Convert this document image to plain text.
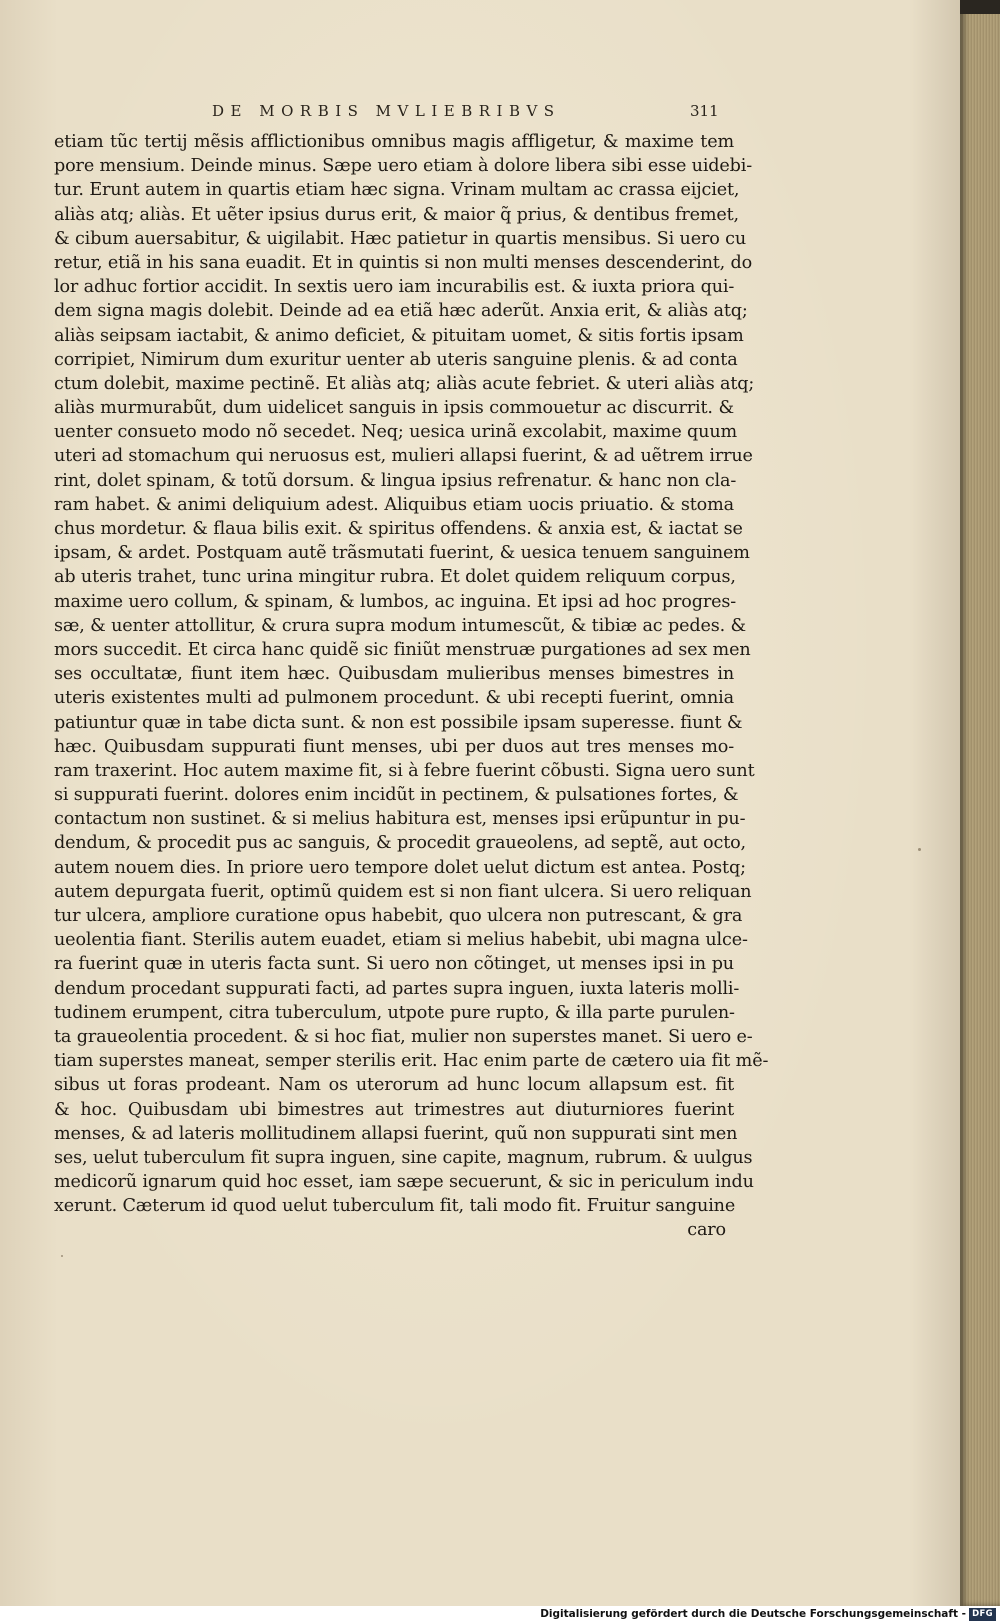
DE MORBIS MVLIEBRIBVS	311
etiam tũc tertij mẽsis afflictionibus omnibus magis affligetur, & maxime tem
pore mensium. Deinde minus. Sæpe uero etiam à dolore libera sibi esse uidebi-
tur. Erunt autem in quartis etiam hæc signa. Vrinam multam ac crassa eijciet,
aliàs atq; aliàs. Et uẽter ipsius durus erit, & maior q̃ prius, & dentibus fremet,
& cibum auersabitur, & uigilabit. Hæc patietur in quartis mensibus. Si uero cu
retur, etiã in his sana euadit. Et in quintis si non multi menses descenderint, do
lor adhuc fortior accidit. In sextis uero iam incurabilis est. & iuxta priora qui-
dem signa magis dolebit. Deinde ad ea etiã hæc aderũt. Anxia erit, & aliàs atq;
aliàs seipsam iactabit, & animo deficiet, & pituitam uomet, & sitis fortis ipsam
corripiet, Nimirum dum exuritur uenter ab uteris sanguine plenis. & ad conta
ctum dolebit, maxime pectinẽ. Et aliàs atq; aliàs acute febriet. & uteri aliàs atq;
aliàs murmurabũt, dum uidelicet sanguis in ipsis commouetur ac discurrit. &
uenter consueto modo nõ secedet. Neq; uesica urinã excolabit, maxime quum
uteri ad stomachum qui neruosus est, mulieri allapsi fuerint, & ad uẽtrem irrue
rint, dolet spinam, & totũ dorsum. & lingua ipsius refrenatur. & hanc non cla-
ram habet. & animi deliquium adest. Aliquibus etiam uocis priuatio. & stoma
chus mordetur. & flaua bilis exit. & spiritus offendens. & anxia est, & iactat se
ipsam, & ardet. Postquam autẽ trãsmutati fuerint, & uesica tenuem sanguinem
ab uteris trahet, tunc urina mingitur rubra. Et dolet quidem reliquum corpus,
maxime uero collum, & spinam, & lumbos, ac inguina. Et ipsi ad hoc progres-
sæ, & uenter attollitur, & crura supra modum intumescũt, & tibiæ ac pedes. &
mors succedit. Et circa hanc quidẽ sic finiũt menstruæ purgationes ad sex men
ses occultatæ, fiunt item hæc. Quibusdam mulieribus menses bimestres in
uteris existentes multi ad pulmonem procedunt. & ubi recepti fuerint, omnia
patiuntur quæ in tabe dicta sunt. & non est possibile ipsam superesse. fiunt &
hæc. Quibusdam suppurati fiunt menses, ubi per duos aut tres menses mo-
ram traxerint. Hoc autem maxime fit, si à febre fuerint cõbusti. Signa uero sunt
si suppurati fuerint. dolores enim incidũt in pectinem, & pulsationes fortes, &
contactum non sustinet. & si melius habitura est, menses ipsi erũpuntur in pu-
dendum, & procedit pus ac sanguis, & procedit graueolens, ad septẽ, aut octo,
autem nouem dies. In priore uero tempore dolet uelut dictum est antea. Postq;
autem depurgata fuerit, optimũ quidem est si non fiant ulcera. Si uero reliquan
tur ulcera, ampliore curatione opus habebit, quo ulcera non putrescant, & gra
ueolentia fiant. Sterilis autem euadet, etiam si melius habebit, ubi magna ulce-
ra fuerint quæ in uteris facta sunt. Si uero non cõtinget, ut menses ipsi in pu
dendum procedant suppurati facti, ad partes supra inguen, iuxta lateris molli-
tudinem erumpent, citra tuberculum, utpote pure rupto, & illa parte purulen-
ta graueolentia procedent. & si hoc fiat, mulier non superstes manet. Si uero e-
tiam superstes maneat, semper sterilis erit. Hac enim parte de cætero uia fit mẽ-
sibus ut foras prodeant. Nam os uterorum ad hunc locum allapsum est. fit
& hoc. Quibusdam ubi bimestres aut trimestres aut diuturniores fuerint
menses, & ad lateris mollitudinem allapsi fuerint, quũ non suppurati sint men
ses, uelut tuberculum fit supra inguen, sine capite, magnum, rubrum. & uulgus
medicorũ ignarum quid hoc esset, iam sæpe secuerunt, & sic in periculum indu
xerunt. Cæterum id quod uelut tuberculum fit, tali modo fit. Fruitur sanguine
caro
Digitalisierung gefördert durch die Deutsche Forschungsgemeinschaft - DFG
